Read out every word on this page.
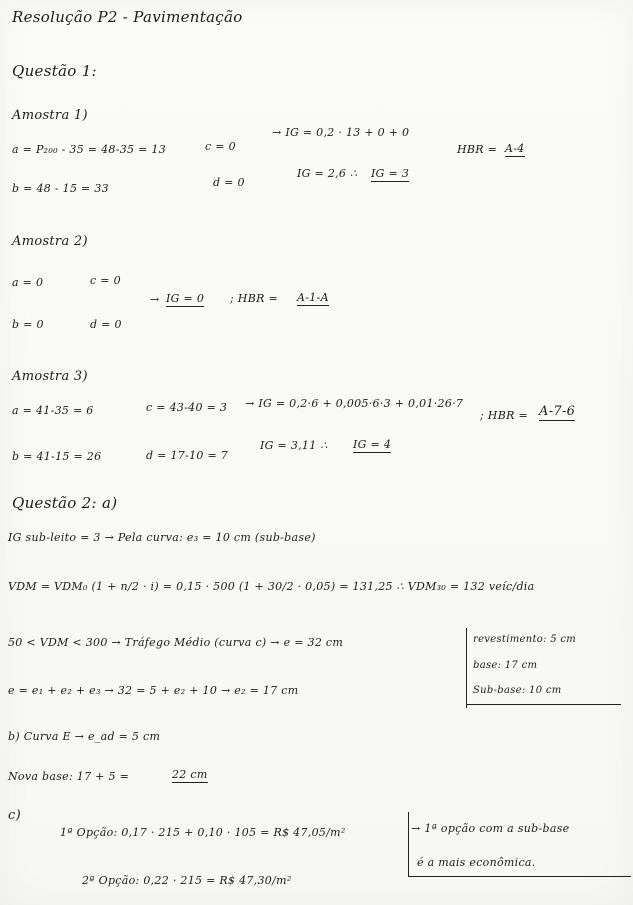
Resolução P2 - Pavimentação
Questão 1:
Amostra 1)
a = P₂₀₀ - 35 = 48-35 = 13	c = 0
→ IG = 0,2 · 13 + 0 + 0
HBR = A-4
b = 48 - 15 = 33	d = 0
IG = 2,6 ∴ IG = 3
Amostra 2)
a = 0	c = 0
→ IG = 0 ; HBR = A-1-A
b = 0	d = 0
Amostra 3)
a = 41-35 = 6	c = 43-40 = 3 → IG = 0,2·6 + 0,005·6·3 + 0,01·26·7
; HBR = A-7-6
b = 41-15 = 26	d = 17-10 = 7
IG = 3,11 ∴ IG = 4
Questão 2: a)
IG sub-leito = 3 → Pela curva: e₃ = 10 cm (sub-base)
VDM = VDM₀ (1 + n/2 · i) = 0,15 · 500 (1 + 30/2 · 0,05) = 131,25 ∴ VDM₃₀ = 132 veíc/dia
50 < VDM < 300 → Tráfego Médio (curva c) → e = 32 cm	revestimento: 5 cm
base: 17 cm
Sub-base: 10 cm
e = e₁ + e₂ + e₃ → 32 = 5 + e₂ + 10 → e₂ = 17 cm
b) Curva E → e_ad = 5 cm
Nova base: 17 + 5 =	22 cm
c)
1ª Opção: 0,17 · 215 + 0,10 · 105 = R$ 47,05/m²
2ª Opção: 0,22 · 215 = R$ 47,30/m²
→ 1ª opção com a sub-base
é a mais econômica.
